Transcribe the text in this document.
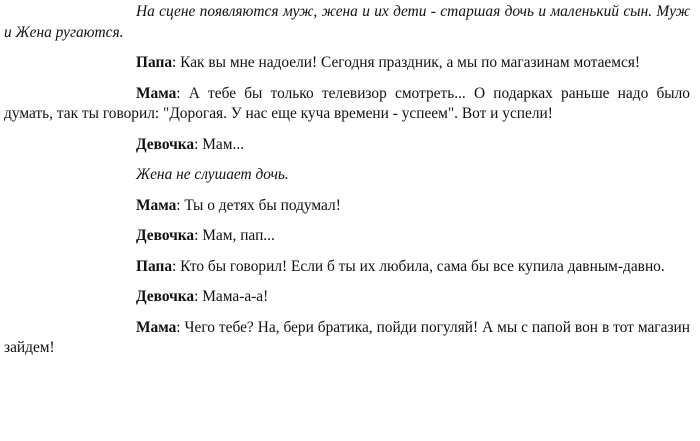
На сцене появляются муж, жена и их дети - старшая дочь и маленький сын. Муж и Жена ругаются.

Папа: Как вы мне надоели! Сегодня праздник, а мы по магазинам мотаемся!

Мама: А тебе бы только телевизор смотреть... О подарках раньше надо было думать, так ты говорил: "Дорогая. У нас еще куча времени - успеем". Вот и успели!

Девочка: Мам...

Жена не слушает дочь.

Мама: Ты о детях бы подумал!

Девочка: Мам, пап...

Папа: Кто бы говорил! Если б ты их любила, сама бы все купила давным-давно.

Девочка: Мама-а-а!

Мама: Чего тебе? На, бери братика, пойди погуляй! А мы с папой вон в тот магазин зайдем!
